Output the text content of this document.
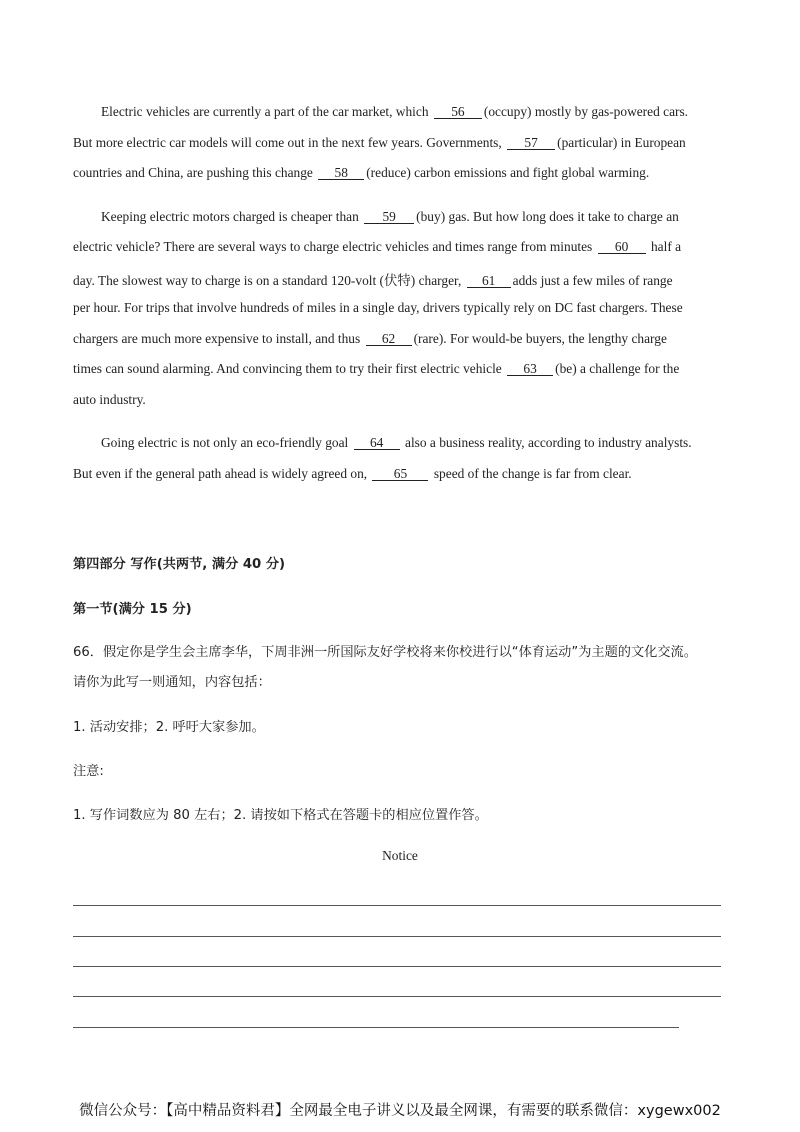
Electric vehicles are currently a part of the car market, which 56 (occupy) mostly by gas-powered cars.
But more electric car models will come out in the next few years. Governments, 57 (particular) in European
countries and China, are pushing this change 58 (reduce) carbon emissions and fight global warming.
Keeping electric motors charged is cheaper than 59 (buy) gas. But how long does it take to charge an
electric vehicle? There are several ways to charge electric vehicles and times range from minutes 60 half a
day. The slowest way to charge is on a standard 120-volt (伏特) charger, 61 adds just a few miles of range
per hour. For trips that involve hundreds of miles in a single day, drivers typically rely on DC fast chargers. These
chargers are much more expensive to install, and thus 62 (rare). For would-be buyers, the lengthy charge
times can sound alarming. And convincing them to try their first electric vehicle 63 (be) a challenge for the
auto industry.
Going electric is not only an eco-friendly goal 64 also a business reality, according to industry analysts.
But even if the general path ahead is widely agreed on, 65 speed of the change is far from clear.
第四部分 写作(共两节, 满分 40 分)
第一节(满分 15 分)
66．假定你是学生会主席李华，下周非洲一所国际友好学校将来你校进行以“体育运动”为主题的文化交流。
请你为此写一则通知，内容包括：
1. 活动安排；2. 呼吁大家参加。
注意:
1. 写作词数应为 80 左右；2. 请按如下格式在答题卡的相应位置作答。
Notice
微信公众号：【高中精品资料君】全网最全电子讲义以及最全网课，有需要的联系微信：xygewx002
